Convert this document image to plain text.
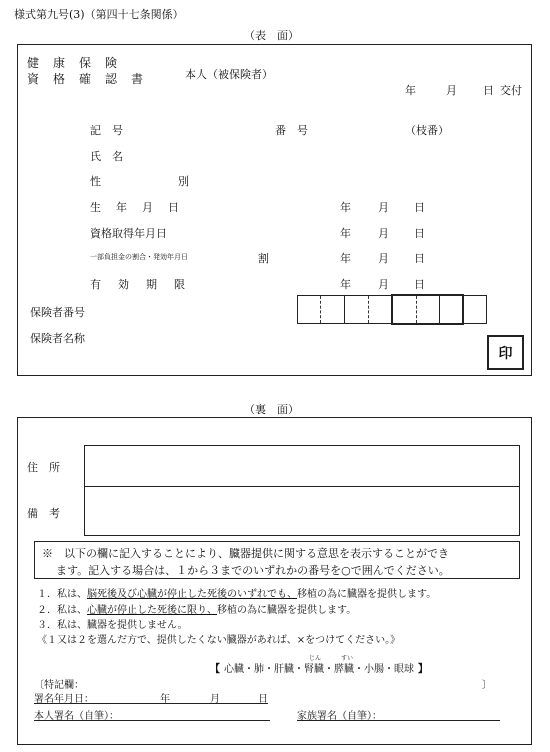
様式第九号(3)（第四十七条関係）
（表　面）
健　康　保　険
資　格　確　認　書	本人（被保険者）
年	月 日 交付
記　号	番　号	（枝番）
氏　名
性	別
生　年　月　日	年 月 日
資格取得年月日	年 月 日
一部負担金の割合・発効年月日	割	年 月 日
有　効　期　限	年 月 日
保険者番号
保険者名称
印
（裏　面）
住　所
備　考
※　以下の欄に記入することにより、臓器提供に関する意思を表示することができ
ます。記入する場合は、１から３までのいずれかの番号を○で囲んでください。
１．私は、脳死後及び心臓が停止した死後のいずれでも、移植の為に臓器を提供します。
２．私は、心臓が停止した死後に限り、移植の為に臓器を提供します。
３．私は、臓器を提供しません。
《１又は２を選んだ方で、提供したくない臓器があれば、×をつけてください。》
じん	すい
【 心臓・肺・肝臓・腎臓・膵臓・小腸・眼球 】
〔特記欄：	〕
署名年月日：	年	月	日
本人署名（自筆）：	家族署名（自筆）：
